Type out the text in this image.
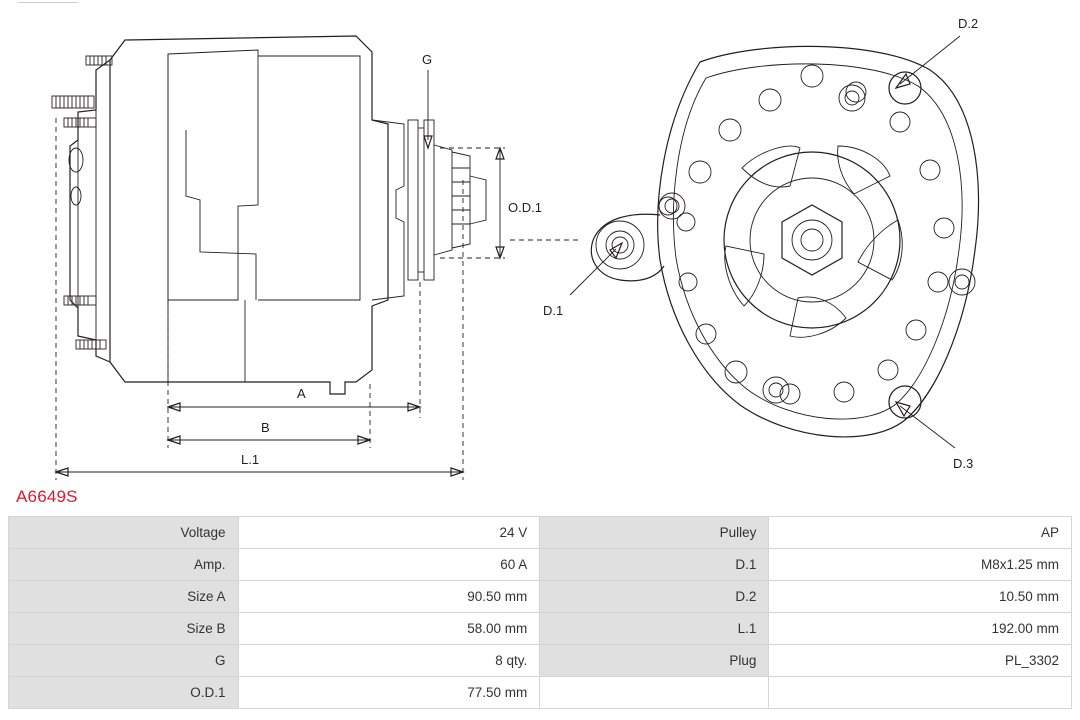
G
O.D.1
A
B
L.1
D.2
D.3
D.1
A6649S
Voltage	24 V	Pulley	AP
Amp.	60 A	D.1	M8x1.25 mm
Size A	90.50 mm	D.2	10.50 mm
Size B	58.00 mm	L.1	192.00 mm
G	8 qty.	Plug	PL_3302
O.D.1	77.50 mm		
